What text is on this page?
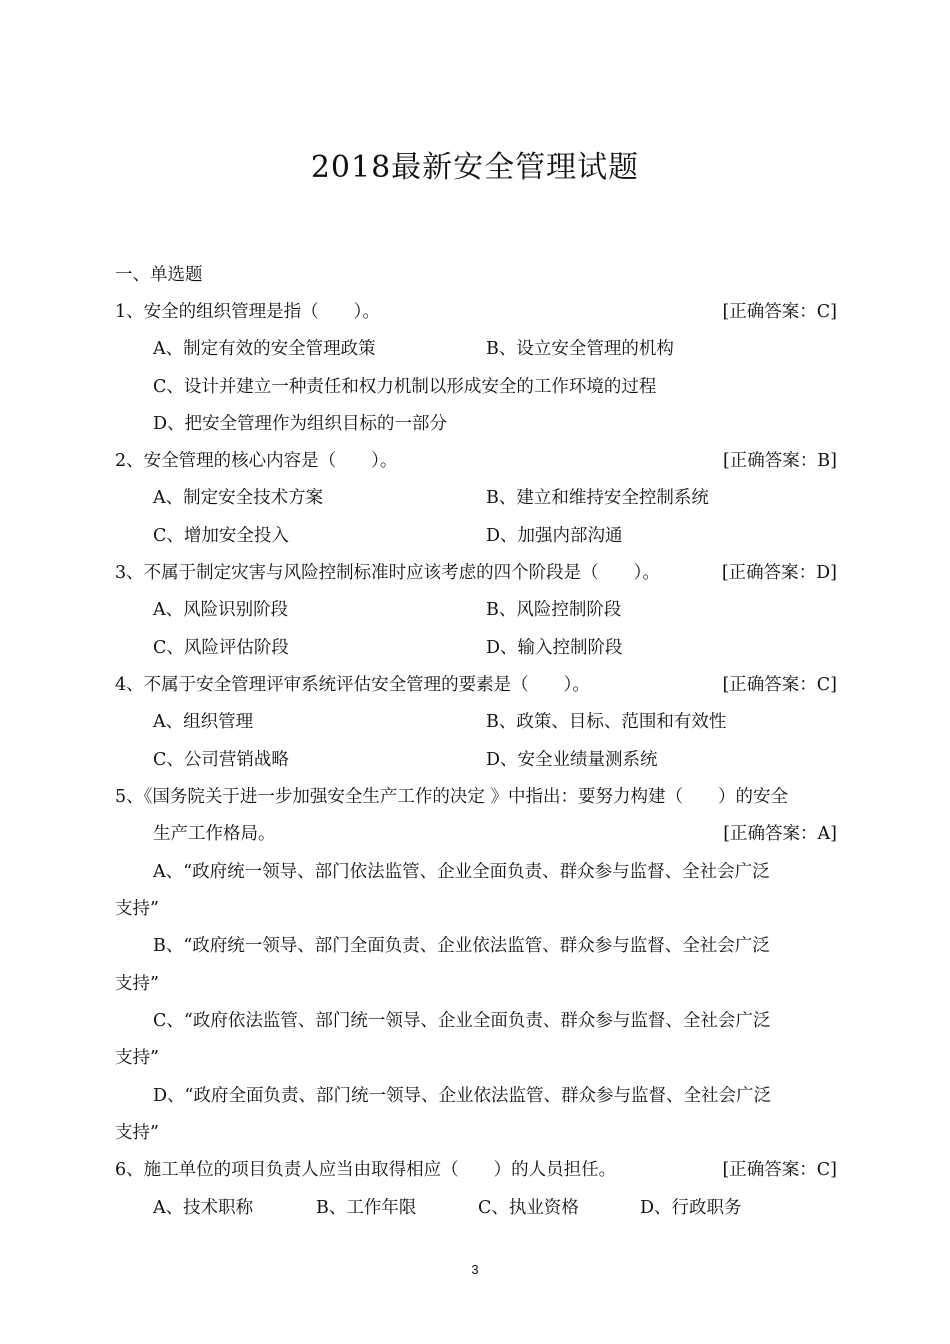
2018最新安全管理试题
一、单选题
1、安全的组织管理是指（　　）。	[正确答案：C]
A、制定有效的安全管理政策	B、设立安全管理的机构
C、设计并建立一种责任和权力机制以形成安全的工作环境的过程
D、把安全管理作为组织目标的一部分
2、安全管理的核心内容是（　　）。	[正确答案：B]
A、制定安全技术方案	B、建立和维持安全控制系统
C、增加安全投入	D、加强内部沟通
3、不属于制定灾害与风险控制标准时应该考虑的四个阶段是（　　）。	[正确答案：D]
A、风险识别阶段	B、风险控制阶段
C、风险评估阶段	D、输入控制阶段
4、不属于安全管理评审系统评估安全管理的要素是（　　）。	[正确答案：C]
A、组织管理	B、政策、目标、范围和有效性
C、公司营销战略	D、安全业绩量测系统
5、《国务院关于进一步加强安全生产工作的决定 》中指出：要努力构建（　　）的安全
生产工作格局。	[正确答案：A]
A、“政府统一领导、部门依法监管、企业全面负责、群众参与监督、全社会广泛
支持”
B、“政府统一领导、部门全面负责、企业依法监管、群众参与监督、全社会广泛
支持”
C、“政府依法监管、部门统一领导、企业全面负责、群众参与监督、全社会广泛
支持”
D、“政府全面负责、部门统一领导、企业依法监管、群众参与监督、全社会广泛
支持”
6、施工单位的项目负责人应当由取得相应（　　）的人员担任。	[正确答案：C]
A、技术职称	B、工作年限	C、执业资格	D、行政职务
3
